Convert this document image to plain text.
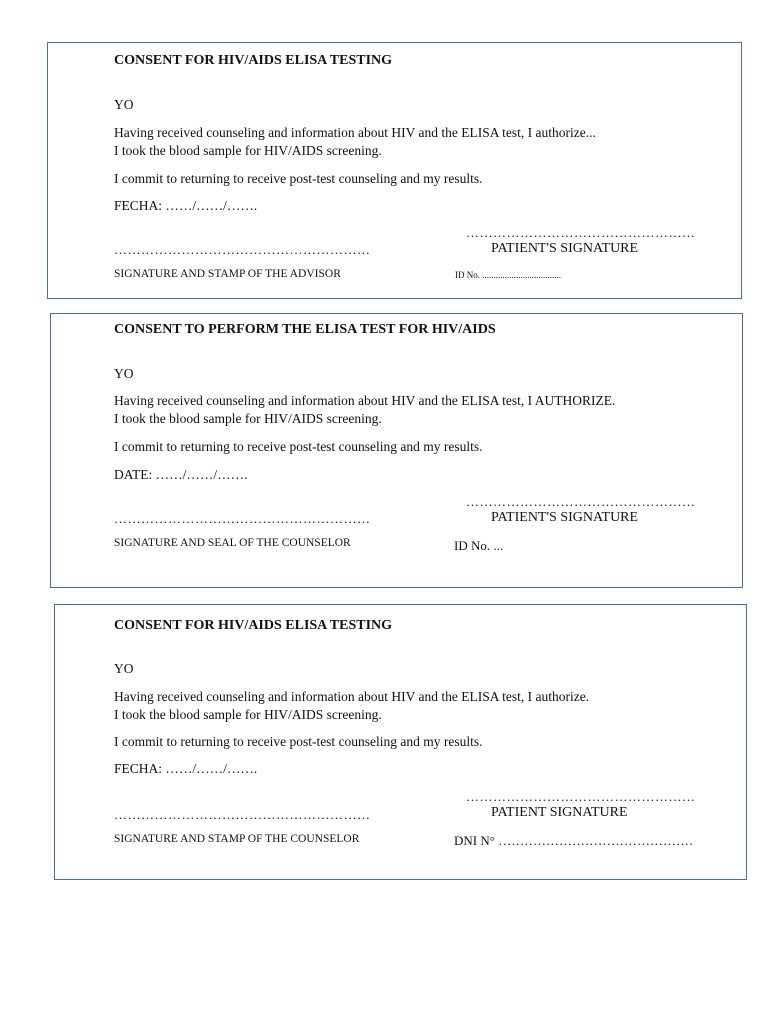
CONSENT FOR HIV/AIDS ELISA TESTING
YO
Having received counseling and information about HIV and the ELISA test, I authorize...
I took the blood sample for HIV/AIDS screening.
I commit to returning to receive post-test counseling and my results.
FECHA: ……/……/…….
……………………………………………
…………………………………………………	PATIENT'S SIGNATURE
SIGNATURE AND STAMP OF THE ADVISOR	ID No. ...................................
CONSENT TO PERFORM THE ELISA TEST FOR HIV/AIDS
YO
Having received counseling and information about HIV and the ELISA test, I AUTHORIZE.
I took the blood sample for HIV/AIDS screening.
I commit to returning to receive post-test counseling and my results.
DATE: ……/……/…….
……………………………………………
…………………………………………………	PATIENT'S SIGNATURE
SIGNATURE AND SEAL OF THE COUNSELOR	ID No. ...
CONSENT FOR HIV/AIDS ELISA TESTING
YO
Having received counseling and information about HIV and the ELISA test, I authorize.
I took the blood sample for HIV/AIDS screening.
I commit to returning to receive post-test counseling and my results.
FECHA: ……/……/…….
……………………………………………
…………………………………………………	PATIENT SIGNATURE
SIGNATURE AND STAMP OF THE COUNSELOR	DNI N° ………………………………………
